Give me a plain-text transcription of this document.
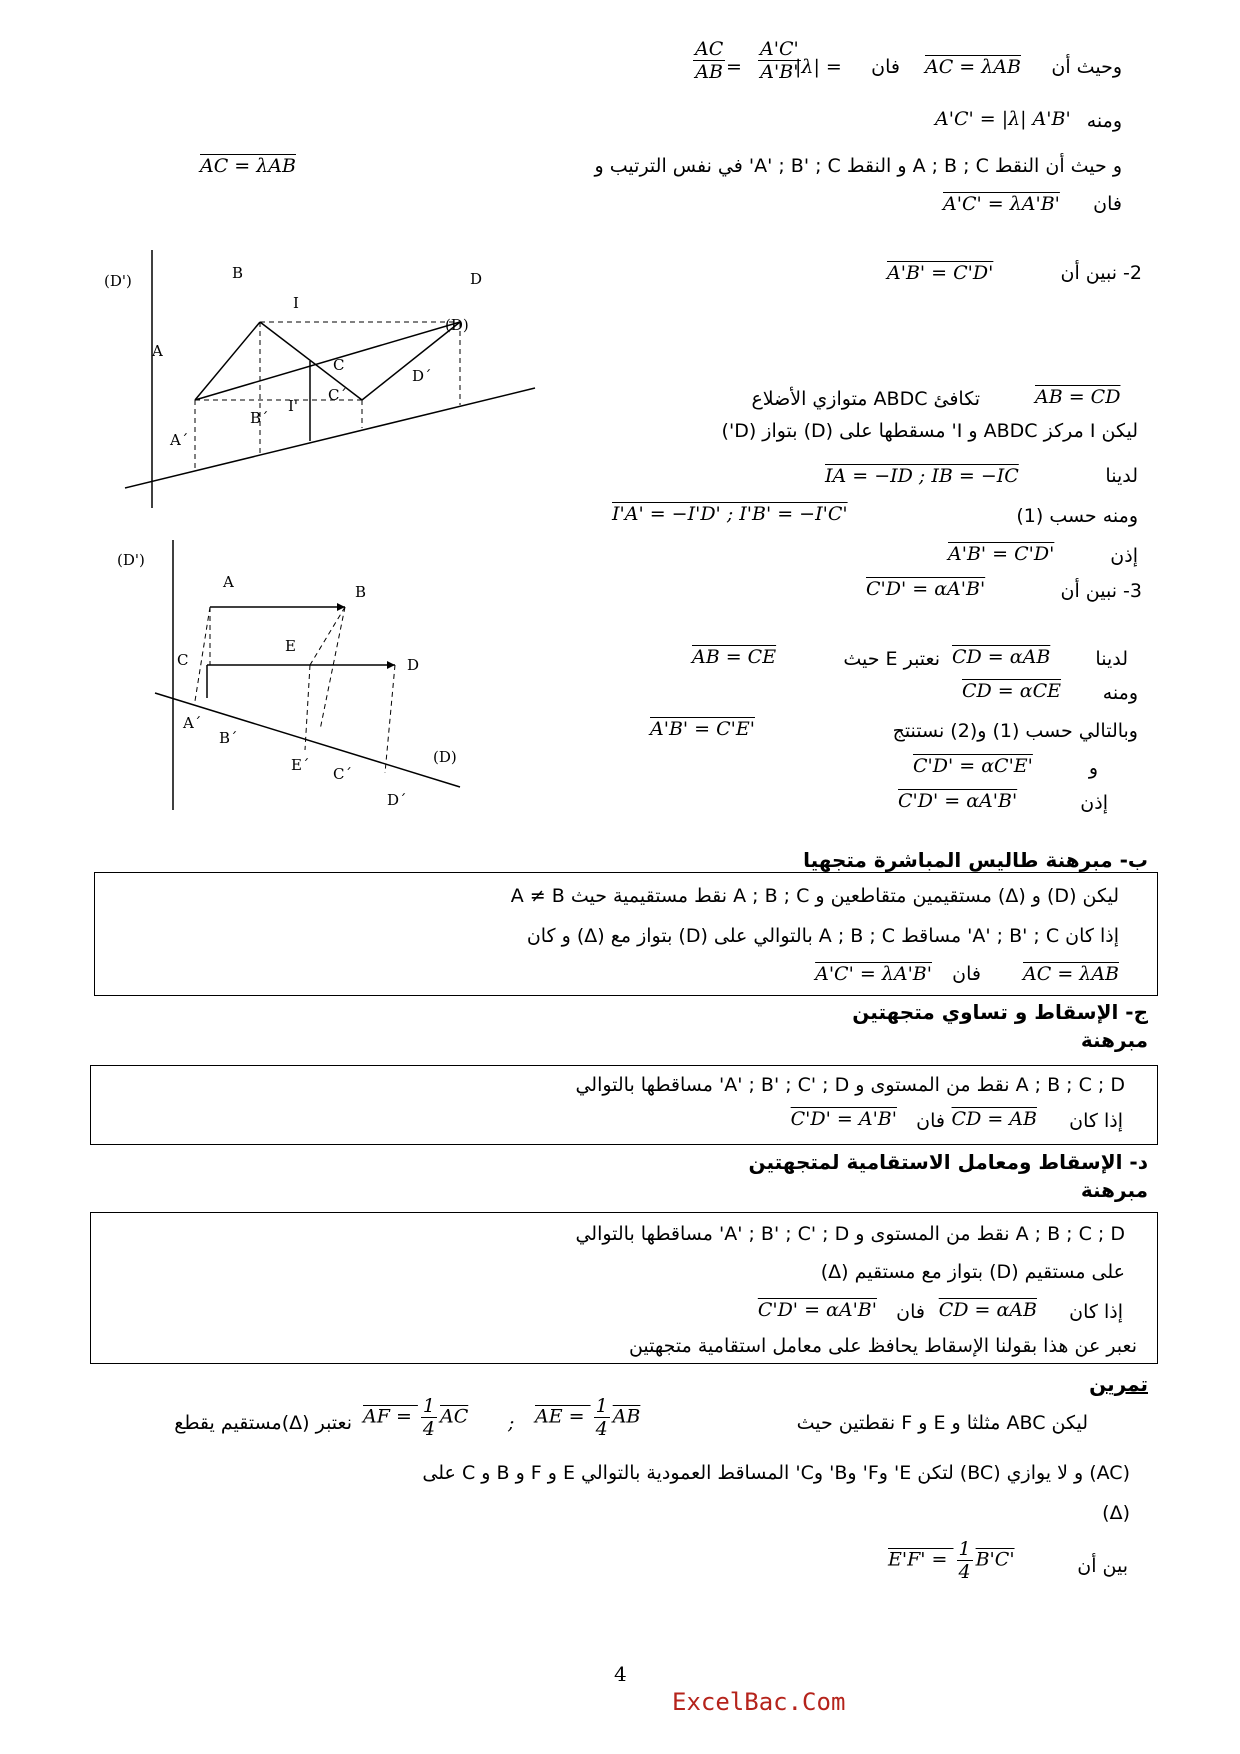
وحيث أن
AC = λAB
فان
|λ| =
$\frac{A'C'}{A'B'}$
=
$\frac{AC}{AB}$
ومنه
A'C' = |λ| A'B'
و حيث أن النقط A ; B ; C و النقط A' ; B' ; C' في نفس الترتيب و
AC = λAB
فان
A'C' = λA'B'
2- نبين أن
A'B' = C'D'
تكافئ ABDC متوازي الأضلاع	AB = CD
ليكن I مركز ABDC و I' مسقطها على (D) بتواز (D')
لدينا
IA = −ID ; IB = −IC
ومنه حسب (1)
I'A' = −I'D' ; I'B' = −I'C'
إذن
A'B' = C'D'
3- نبين أن
C'D' = αA'B'
لدينا
CD = αAB
نعتبر E حيث
AB = CE
ومنه
CD = αCE
وبالتالي حسب (1) و(2) نستنتج
A'B' = C'E'
و
C'D' = αC'E'
إذن
C'D' = αA'B'
(D')	B	D
I
(D)
A
C
D´
B´
I'
C´
A´
(D')
A
B
C
E
D
A´
B´
E´ C´
(D)
D´
ب- مبرهنة طاليس المباشرة متجهيا
ليكن (D) و (Δ) مستقيمين متقاطعين و A ; B ; C نقط مستقيمية حيث A ≠ B
إذا كان A' ; B' ; C' مساقط A ; B ; C بالتوالي على (D) بتواز مع (Δ) و كان
AC = λAB
فان
A'C' = λA'B'
ج- الإسقاط و تساوي متجهتين
مبرهنة
A ; B ; C ; D نقط من المستوى و A' ; B' ; C' ; D' مساقطها بالتوالي
إذا كان
CD = AB
فان
C'D' = A'B'
د- الإسقاط ومعامل الاستقامية لمتجهتين
مبرهنة
A ; B ; C ; D نقط من المستوى و A' ; B' ; C' ; D' مساقطها بالتوالي
على مستقيم (D) بتواز مع مستقيم (Δ)
إذا كان
CD = αAB
فان
C'D' = αA'B'
نعبر عن هذا بقولنا الإسقاط يحافظ على معامل استقامية متجهتين
تمرين
ليكن ABC مثلثا و E و F نقطتين حيث
AE = $\frac{1}{4} \overline{AB}$
;
AF = $\frac{1}{4} \overline{AC}$
نعتبر (Δ)مستقيم يقطع
(AC) و لا يوازي (BC) لتكن E' وF' وB' وC' المساقط العمودية بالتوالي E و F و B و C على
(Δ)
بين أن
$E'F' = \frac{1}{4} B'C'$
4
ExcelBac.Com
